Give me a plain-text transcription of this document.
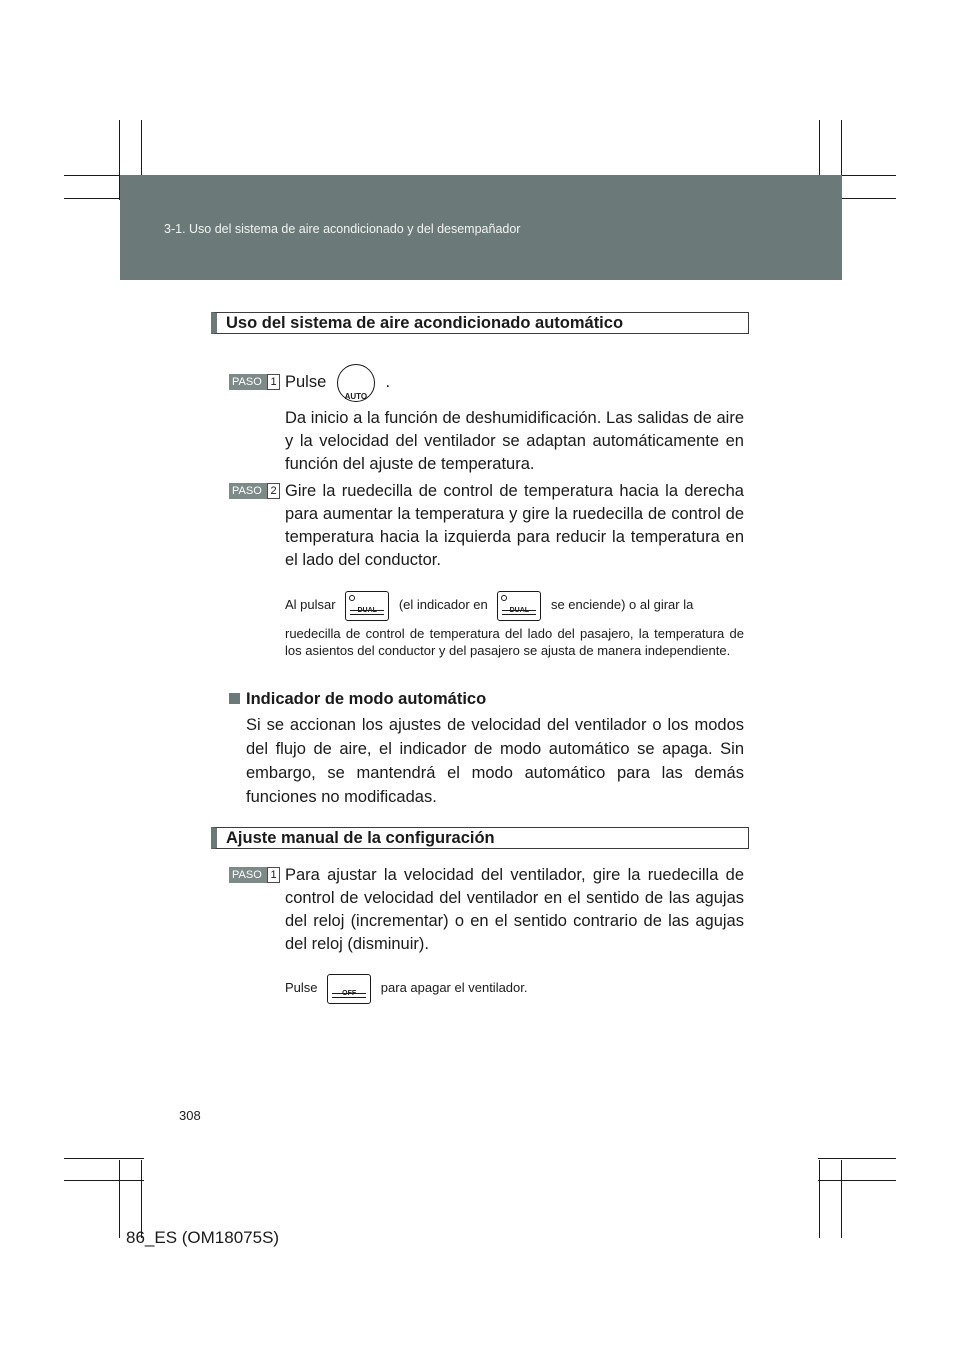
3-1. Uso del sistema de aire acondicionado y del desempañador
Uso del sistema de aire acondicionado automático
PASO 1 Pulse
AUTO
.
Da inicio a la función de deshumidificación. Las salidas de aire y la velocidad del ventilador se adaptan automáticamente en función del ajuste de temperatura.
PASO 2 Gire la ruedecilla de control de temperatura hacia la derecha para aumentar la temperatura y gire la ruedecilla de control de temperatura hacia la izquierda para reducir la temperatura en el lado del conductor.
Al pulsar	(el indicador en	se enciende) o al girar la
ruedecilla de control de temperatura del lado del pasajero, la temperatura de los asientos del conductor y del pasajero se ajusta de manera independiente.
Indicador de modo automático
Si se accionan los ajustes de velocidad del ventilador o los modos del flujo de aire, el indicador de modo automático se apaga. Sin embargo, se mantendrá el modo automático para las demás funciones no modificadas.
Ajuste manual de la configuración
PASO 1 Para ajustar la velocidad del ventilador, gire la ruedecilla de control de velocidad del ventilador en el sentido de las agujas del reloj (incrementar) o en el sentido contrario de las agujas del reloj (disminuir).
Pulse	para apagar el ventilador.
308
86_ES (OM18075S)
